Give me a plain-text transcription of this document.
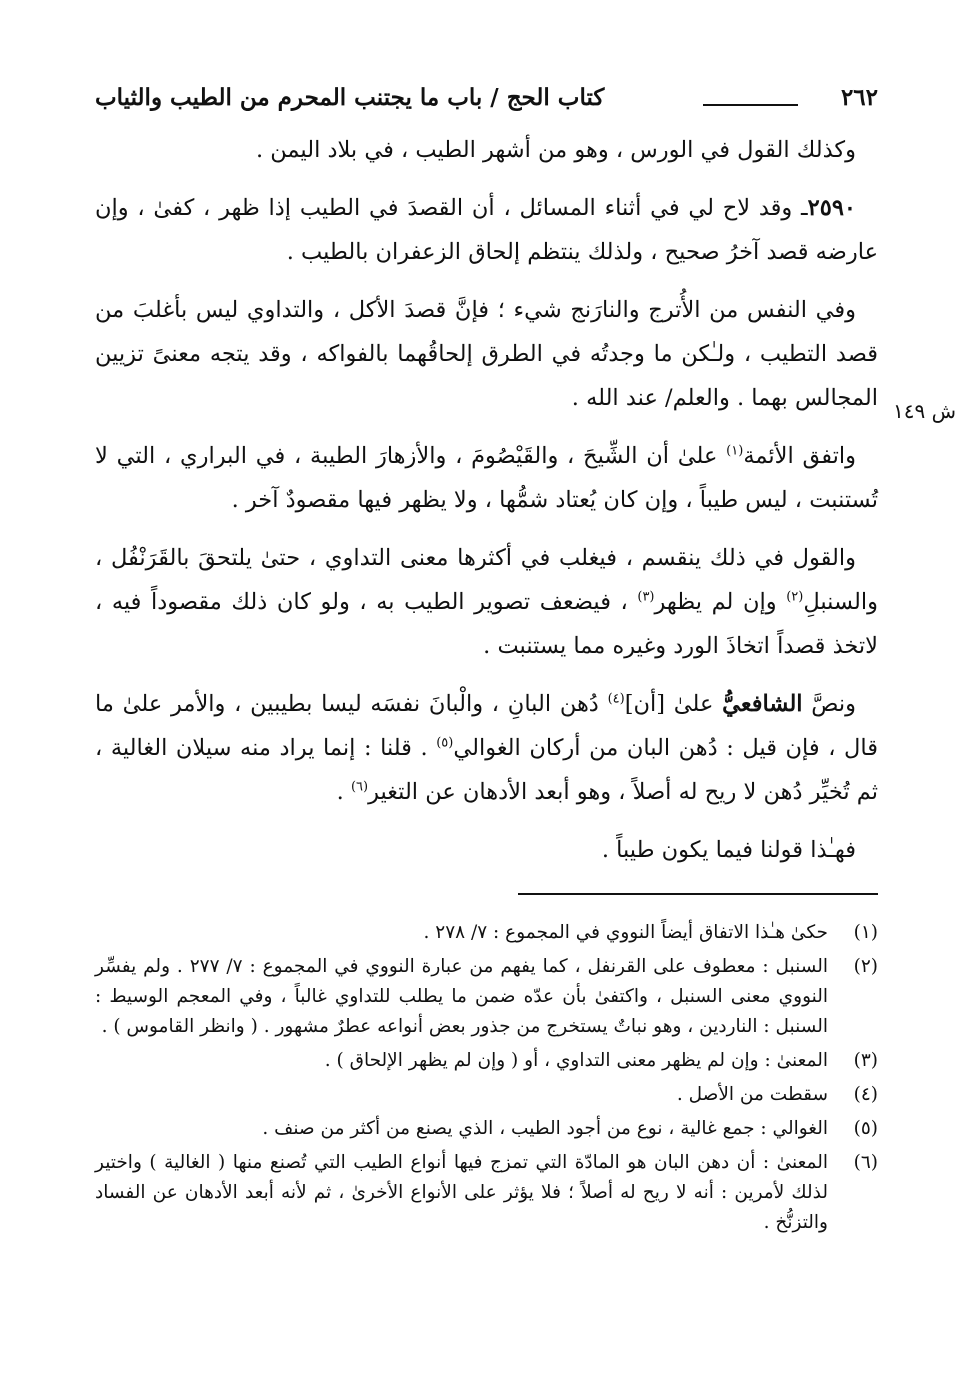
٢٦٢
كتاب الحج / باب ما يجتنب المحرم من الطيب والثياب
ش ١٤٩

وكذلك القول في الورس ، وهو من أشهر الطيب ، في بلاد اليمن .

٢٥٩٠ـ وقد لاح لي في أثناء المسائل ، أن القصدَ في الطيب إذا ظهر ، كفىٰ ، وإن عارضه قصد آخرُ صحيح ، ولذلك ينتظم إلحاق الزعفران بالطيب .

وفي النفس من الأُترج والنارَنج شيء ؛ فإنَّ قصدَ الأكل ، والتداوي ليس بأغلبَ من قصد التطيب ، ولـٰكن ما وجدتُه في الطرق إلحاقُهما بالفواكه ، وقد يتجه معنىً تزيين المجالس بهما . والعلم/ عند الله .

واتفق الأئمة$^{(١)}$ علىٰ أن الشِّيحَ ، والقَيْصُومَ ، والأزهارَ الطيبة ، في البراري ، التي لا تُستنبت ، ليس طيباً ، وإن كان يُعتاد شمُّها ، ولا يظهر فيها مقصودٌ آخر .

والقول في ذلك ينقسم ، فيغلب في أكثرها معنى التداوي ، حتىٰ يلتحقَ بالقَرَنْفُل ، والسنبلِ$^{(٢)}$ وإن لم يظهر$^{(٣)}$ ، فيضعف تصوير الطيب به ، ولو كان ذلك مقصوداً فيه ، لاتخذ قصداً اتخاذَ الورد وغيره مما يستنبت .

ونصَّ الشافعيُّ علىٰ [أن]$^{(٤)}$ دُهن البانِ ، والْبانَ نفسَه ليسا بطيبين ، والأمر علىٰ ما قال ، فإن قيل : دُهن البان من أركان الغوالي$^{(٥)}$ . قلنا : إنما يراد منه سيلان الغالية ، ثم تُخيِّر دُهن لا ريح له أصلاً ، وهو أبعد الأدهان عن التغير$^{(٦)}$ .

فهـٰذا قولنا فيما يكون طيباً .

(١)
حكىٰ هـٰذا الاتفاق أيضاً النووي في المجموع : ٧/ ٢٧٨ .
(٢)
السنبل : معطوف على القرنفل ، كما يفهم من عبارة النووي في المجموع : ٧/ ٢٧٧ . ولم يفسِّر النووي معنى السنبل ، واكتفىٰ بأن عدّه ضمن ما يطلب للتداوي غالباً ، وفي المعجم الوسيط : السنبل : الناردين ، وهو نباتٌ يستخرج من جذور بعض أنواعه عطرٌ مشهور . ( وانظر القاموس ) .
(٣)
المعنىٰ : وإن لم يظهر معنى التداوي ، أو ( وإن لم يظهر الإلحاق ) .
(٤)
سقطت من الأصل .
(٥)
الغوالي : جمع غالية ، نوع من أجود الطيب ، الذي يصنع من أكثر من صنف .
(٦)
المعنىٰ : أن دهن البان هو المادّة التي تمزج فيها أنواع الطيب التي تُصنع منها ( الغالية ) واختير لذلك لأمرين : أنه لا ريح له أصلاً ؛ فلا يؤثر على الأنواع الأخرىٰ ، ثم لأنه أبعد الأدهان عن الفساد والتزنُّخ .
